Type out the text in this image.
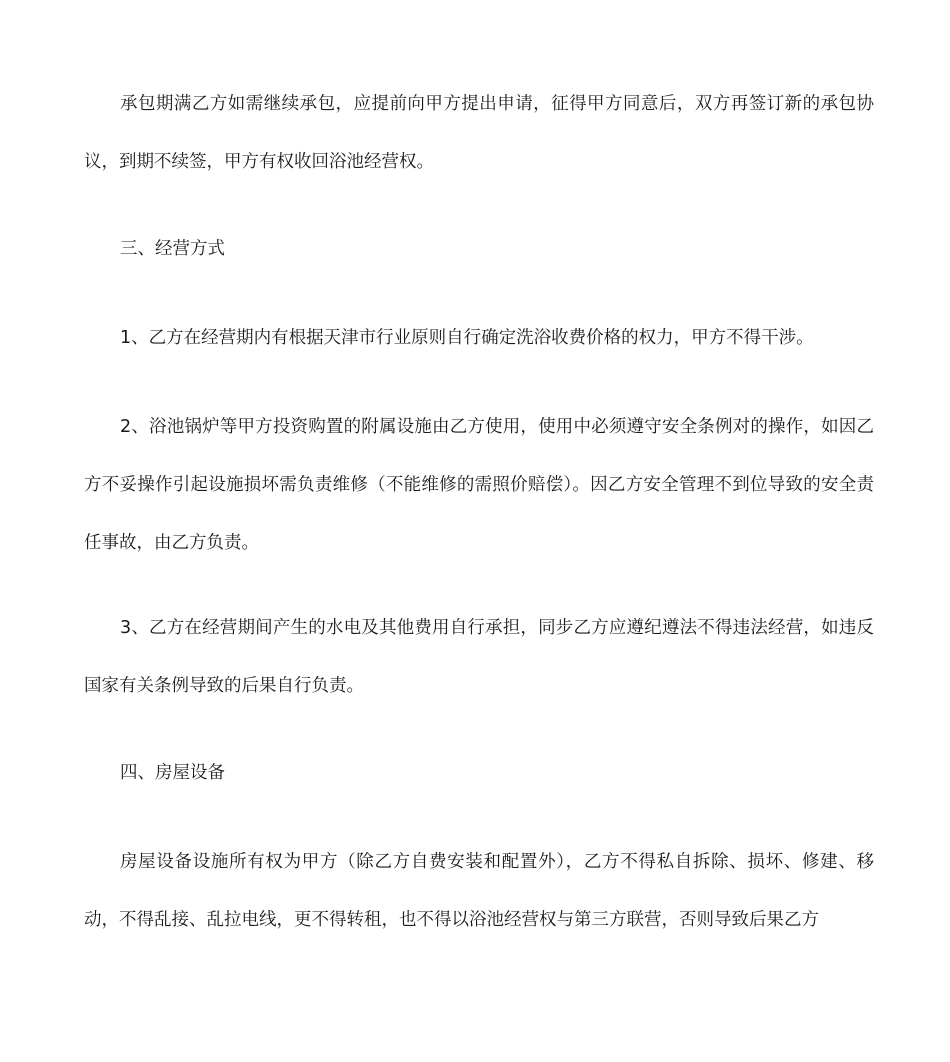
承包期满乙方如需继续承包，应提前向甲方提出申请，征得甲方同意后，双方再签订新的承包协议，到期不续签，甲方有权收回浴池经营权。
三、经营方式
1、乙方在经营期内有根据天津市行业原则自行确定洗浴收费价格的权力，甲方不得干涉。
2、浴池锅炉等甲方投资购置的附属设施由乙方使用，使用中必须遵守安全条例对的操作，如因乙方不妥操作引起设施损坏需负责维修（不能维修的需照价赔偿）。因乙方安全管理不到位导致的安全责任事故，由乙方负责。
3、乙方在经营期间产生的水电及其他费用自行承担，同步乙方应遵纪遵法不得违法经营，如违反国家有关条例导致的后果自行负责。
四、房屋设备
房屋设备设施所有权为甲方（除乙方自费安装和配置外），乙方不得私自拆除、损坏、修建、移动，不得乱接、乱拉电线，更不得转租，也不得以浴池经营权与第三方联营，否则导致后果乙方
